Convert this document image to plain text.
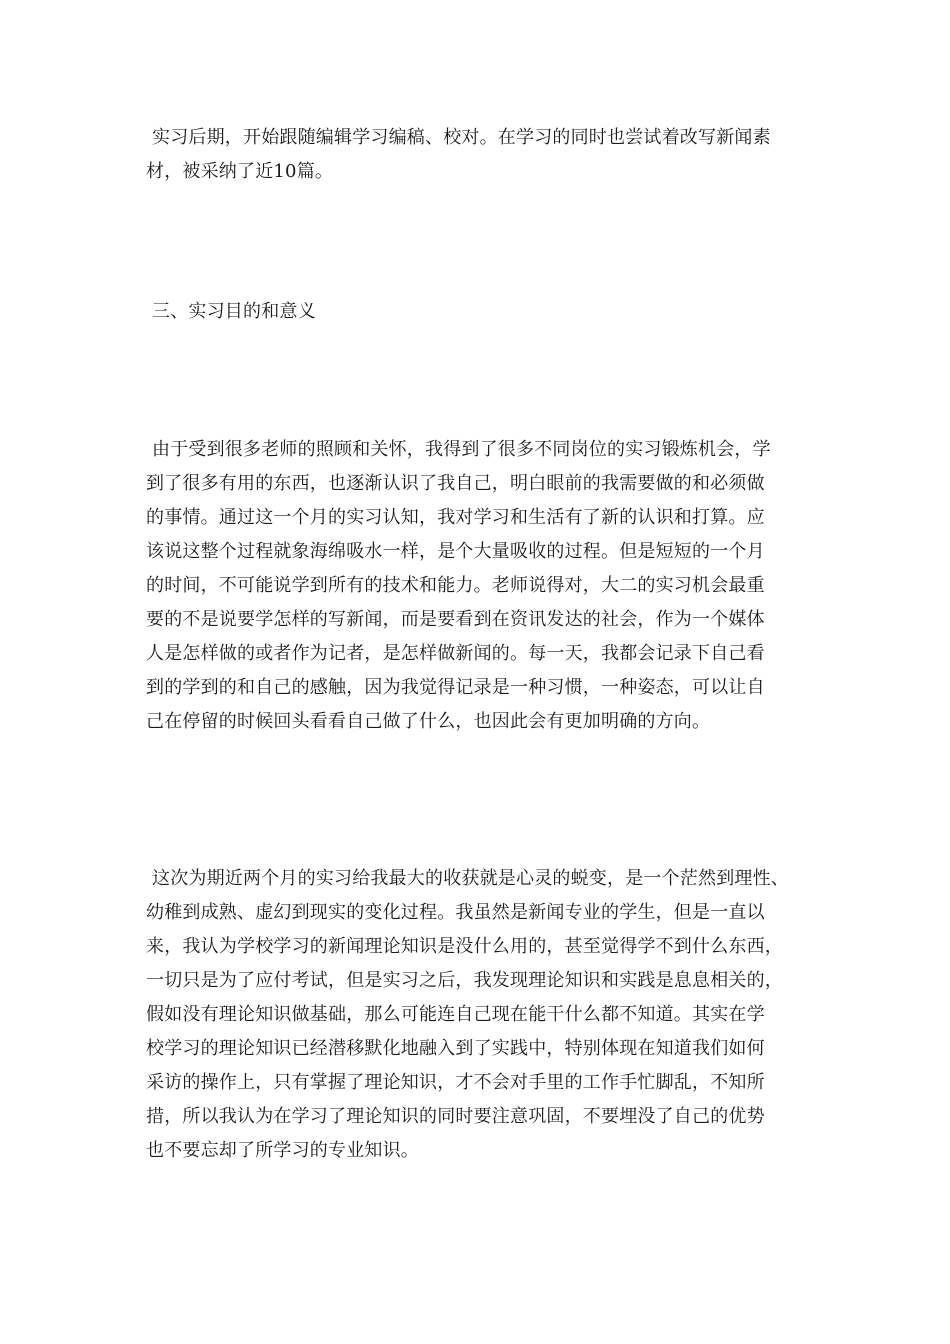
实习后期，开始跟随编辑学习编稿、校对。在学习的同时也尝试着改写新闻素
材，被采纳了近10篇。
三、实习目的和意义
由于受到很多老师的照顾和关怀，我得到了很多不同岗位的实习锻炼机会，学
到了很多有用的东西，也逐渐认识了我自己，明白眼前的我需要做的和必须做
的事情。通过这一个月的实习认知，我对学习和生活有了新的认识和打算。应
该说这整个过程就象海绵吸水一样，是个大量吸收的过程。但是短短的一个月
的时间，不可能说学到所有的技术和能力。老师说得对，大二的实习机会最重
要的不是说要学怎样的写新闻，而是要看到在资讯发达的社会，作为一个媒体
人是怎样做的或者作为记者，是怎样做新闻的。每一天，我都会记录下自己看
到的学到的和自己的感触，因为我觉得记录是一种习惯，一种姿态，可以让自
己在停留的时候回头看看自己做了什么，也因此会有更加明确的方向。
这次为期近两个月的实习给我最大的收获就是心灵的蜕变，是一个茫然到理性、
幼稚到成熟、虚幻到现实的变化过程。我虽然是新闻专业的学生，但是一直以
来，我认为学校学习的新闻理论知识是没什么用的，甚至觉得学不到什么东西，
一切只是为了应付考试，但是实习之后，我发现理论知识和实践是息息相关的，
假如没有理论知识做基础，那么可能连自己现在能干什么都不知道。其实在学
校学习的理论知识已经潜移默化地融入到了实践中，特别体现在知道我们如何
采访的操作上，只有掌握了理论知识，才不会对手里的工作手忙脚乱，不知所
措，所以我认为在学习了理论知识的同时要注意巩固，不要埋没了自己的优势
也不要忘却了所学习的专业知识。
